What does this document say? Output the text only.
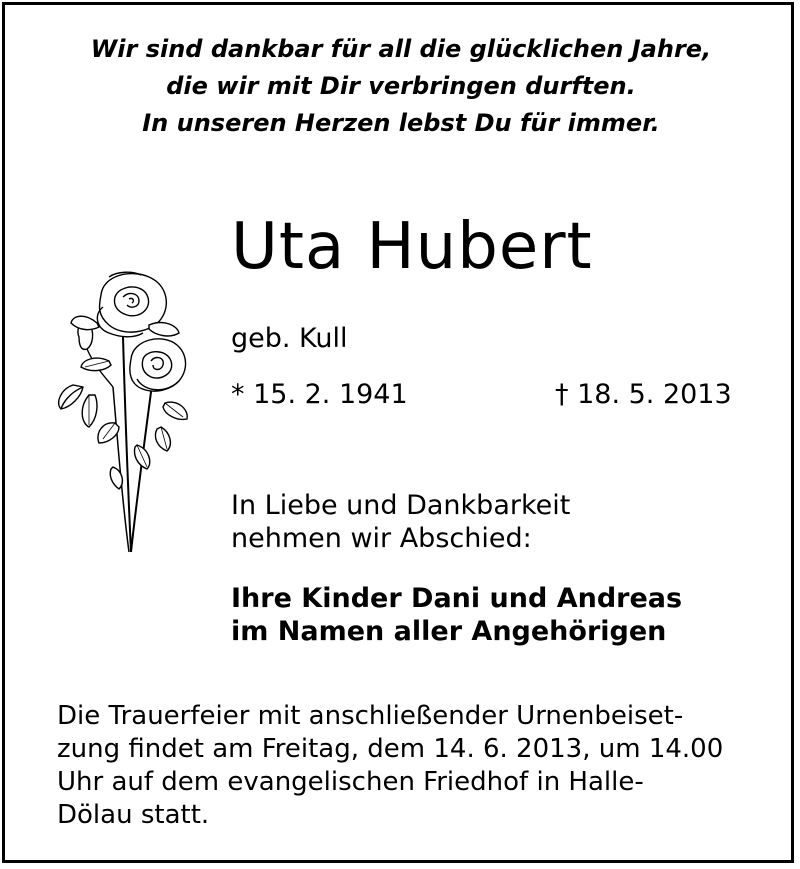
Wir sind dankbar für all die glücklichen Jahre,
die wir mit Dir verbringen durften.
In unseren Herzen lebst Du für immer.
Uta Hubert
geb. Kull
* 15. 2. 1941	† 18. 5. 2013
In Liebe und Dankbarkeit
nehmen wir Abschied:
Ihre Kinder Dani und Andreas
im Namen aller Angehörigen
Die Trauerfeier mit anschließender Urnenbeiset-
zung findet am Freitag, dem 14. 6. 2013, um 14.00
Uhr auf dem evangelischen Friedhof in Halle-
Dölau statt.
